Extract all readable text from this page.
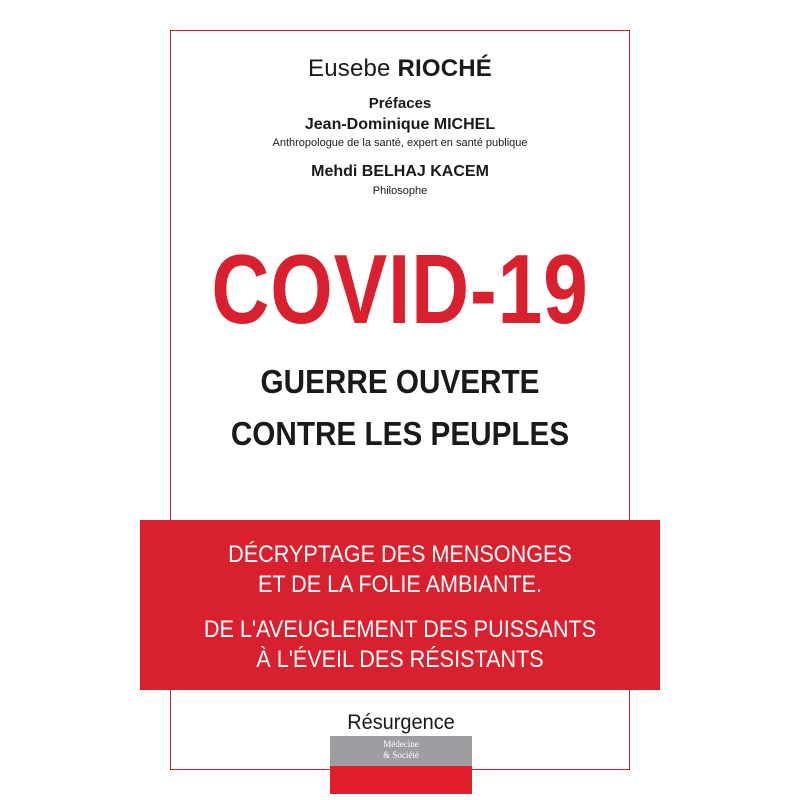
Eusebe RIOCHÉ
Préfaces
Jean-Dominique MICHEL
Anthropologue de la santé, expert en santé publique
Mehdi BELHAJ KACEM
Philosophe
COVID-19
GUERRE OUVERTE
CONTRE LES PEUPLES
DÉCRYPTAGE DES MENSONGES
ET DE LA FOLIE AMBIANTE.
DE L'AVEUGLEMENT DES PUISSANTS
À L'ÉVEIL DES RÉSISTANTS
Résurgence
Médecine
& Société
